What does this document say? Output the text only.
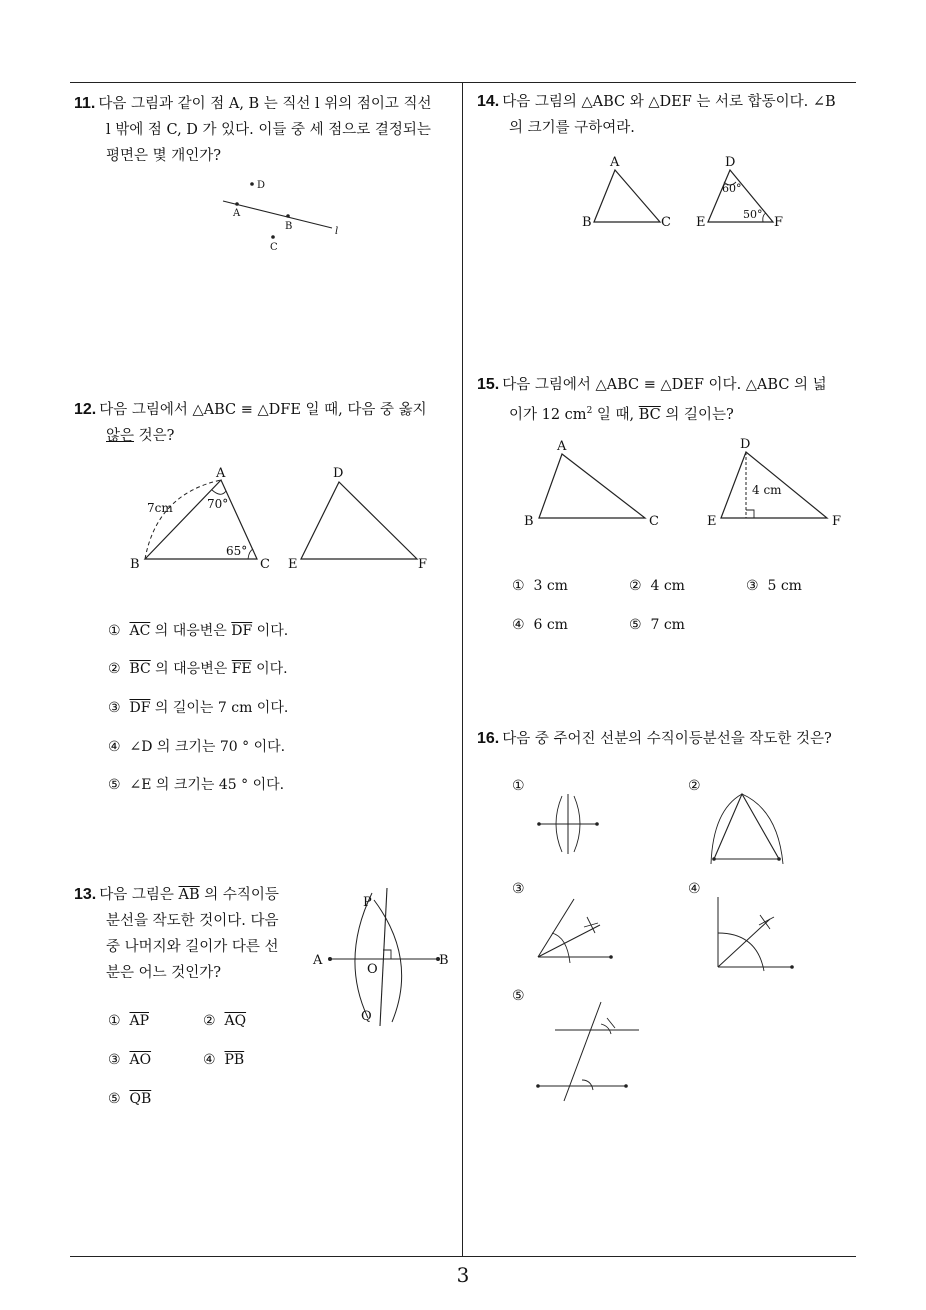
11. 다음 그림과 같이 점 A, B 는 직선 l 위의 점이고 직선
l 밖에 점 C, D 가 있다. 이들 중 세 점으로 결정되는
평면은 몇 개인가?
D
A
B
C
l
12. 다음 그림에서 △ABC ≡ △DFE 일 때, 다음 중 옳지
않은 것은?
A
B	C
7cm	70°
65°
D
E	F
① $\overline{AC}$ 의 대응변은 $\overline{DF}$ 이다.
② $\overline{BC}$ 의 대응변은 $\overline{FE}$ 이다.
③ $\overline{DF}$ 의 길이는 7 cm 이다.
④ ∠D 의 크기는 70 ° 이다.
⑤ ∠E 의 크기는 45 ° 이다.
13. 다음 그림은 $\overline{AB}$ 의 수직이등
분선을 작도한 것이다. 다음
중 나머지와 길이가 다른 선
분은 어느 것인가?
P
Q
A	B
O
① $\overline{AP}$	② $\overline{AQ}$
③ $\overline{AO}$	④ $\overline{PB}$
⑤ $\overline{QB}$
14. 다음 그림의 △ABC 와 △DEF 는 서로 합동이다. ∠B
의 크기를 구하여라.
A
B	C
D
E	F
60°
50°
15. 다음 그림에서 △ABC ≡ △DEF 이다. △ABC 의 넓
이가 12 $cm^2$ 일 때, $\overline{BC}$ 의 길이는?
A
B	C
D
E	F
4 cm
① 3 cm	② 4 cm	③ 5 cm
④ 6 cm	⑤ 7 cm
16. 다음 중 주어진 선분의 수직이등분선을 작도한 것은?
①	②
③	④
⑤
3
